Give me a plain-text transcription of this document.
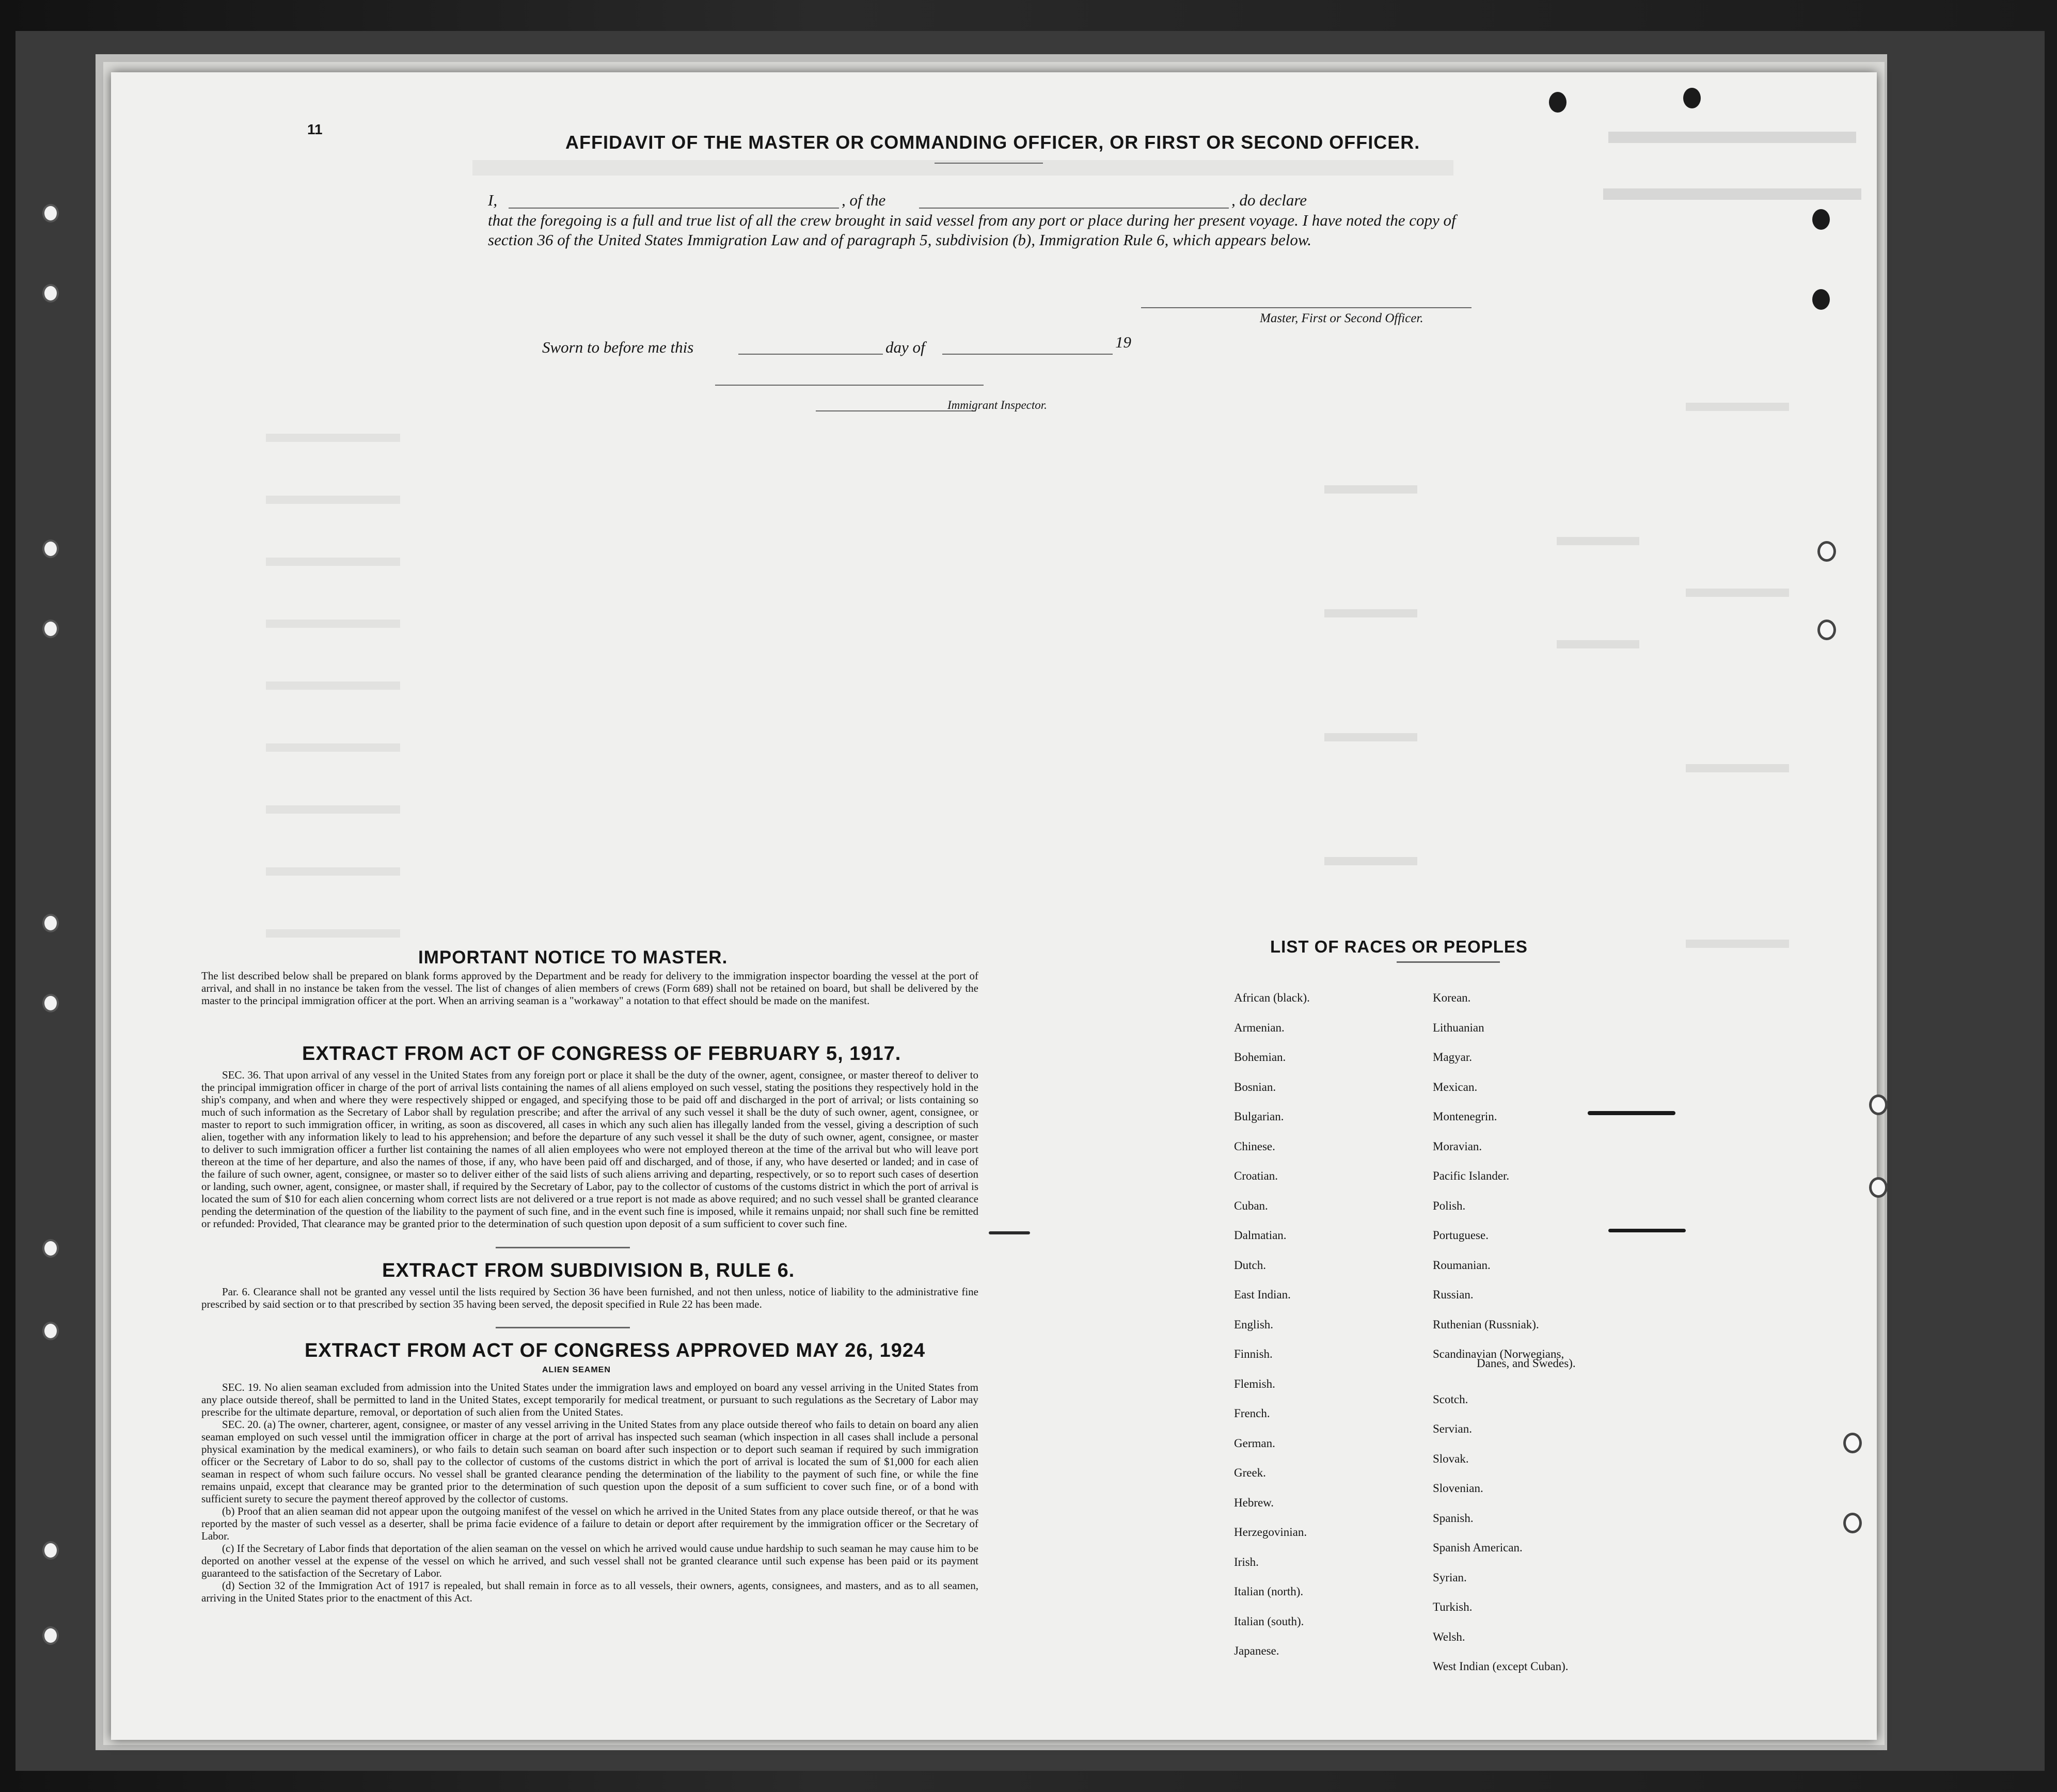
11
AFFIDAVIT OF THE MASTER OR COMMANDING OFFICER, OR FIRST OR SECOND OFFICER.
I,	, of the	, do declare
that the foregoing is a full and true list of all the crew brought in said vessel from any port or place during her present voyage. I have noted the copy of section 36 of the United States Immigration Law and of paragraph 5, subdivision (b), Immigration Rule 6, which appears below.
Master, First or Second Officer.
Sworn to before me this	day of	19
Immigrant Inspector.
IMPORTANT NOTICE TO MASTER.
The list described below shall be prepared on blank forms approved by the Department and be ready for delivery to the immigration inspector boarding the vessel at the port of arrival, and shall in no instance be taken from the vessel. The list of changes of alien members of crews (Form 689) shall not be retained on board, but shall be delivered by the master to the principal immigration officer at the port. When an arriving seaman is a "workaway" a notation to that effect should be made on the manifest.
EXTRACT FROM ACT OF CONGRESS OF FEBRUARY 5, 1917.
SEC. 36. That upon arrival of any vessel in the United States from any foreign port or place it shall be the duty of the owner, agent, consignee, or master thereof to deliver to the principal immigration officer in charge of the port of arrival lists containing the names of all aliens employed on such vessel, stating the positions they respectively hold in the ship's company, and when and where they were respectively shipped or engaged, and specifying those to be paid off and discharged in the port of arrival; or lists containing so much of such information as the Secretary of Labor shall by regulation prescribe; and after the arrival of any such vessel it shall be the duty of such owner, agent, consignee, or master to report to such immigration officer, in writing, as soon as discovered, all cases in which any such alien has illegally landed from the vessel, giving a description of such alien, together with any information likely to lead to his apprehension; and before the departure of any such vessel it shall be the duty of such owner, agent, consignee, or master to deliver to such immigration officer a further list containing the names of all alien employees who were not employed thereon at the time of the arrival but who will leave port thereon at the time of her departure, and also the names of those, if any, who have been paid off and discharged, and of those, if any, who have deserted or landed; and in case of the failure of such owner, agent, consignee, or master so to deliver either of the said lists of such aliens arriving and departing, respectively, or so to report such cases of desertion or landing, such owner, agent, consignee, or master shall, if required by the Secretary of Labor, pay to the collector of customs of the customs district in which the port of arrival is located the sum of $10 for each alien concerning whom correct lists are not delivered or a true report is not made as above required; and no such vessel shall be granted clearance pending the determination of the question of the liability to the payment of such fine, and in the event such fine is imposed, while it remains unpaid; nor shall such fine be remitted or refunded: Provided, That clearance may be granted prior to the determination of such question upon deposit of a sum sufficient to cover such fine.
EXTRACT FROM SUBDIVISION B, RULE 6.
Par. 6. Clearance shall not be granted any vessel until the lists required by Section 36 have been furnished, and not then unless, notice of liability to the administrative fine prescribed by said section or to that prescribed by section 35 having been served, the deposit specified in Rule 22 has been made.
EXTRACT FROM ACT OF CONGRESS APPROVED MAY 26, 1924
ALIEN SEAMEN
SEC. 19. No alien seaman excluded from admission into the United States under the immigration laws and employed on board any vessel arriving in the United States from any place outside thereof, shall be permitted to land in the United States, except temporarily for medical treatment, or pursuant to such regulations as the Secretary of Labor may prescribe for the ultimate departure, removal, or deportation of such alien from the United States.
SEC. 20. (a) The owner, charterer, agent, consignee, or master of any vessel arriving in the United States from any place outside thereof who fails to detain on board any alien seaman employed on such vessel until the immigration officer in charge at the port of arrival has inspected such seaman (which inspection in all cases shall include a personal physical examination by the medical examiners), or who fails to detain such seaman on board after such inspection or to deport such seaman if required by such immigration officer or the Secretary of Labor to do so, shall pay to the collector of customs of the customs district in which the port of arrival is located the sum of $1,000 for each alien seaman in respect of whom such failure occurs. No vessel shall be granted clearance pending the determination of the liability to the payment of such fine, or while the fine remains unpaid, except that clearance may be granted prior to the determination of such question upon the deposit of a sum sufficient to cover such fine, or of a bond with sufficient surety to secure the payment thereof approved by the collector of customs.
(b) Proof that an alien seaman did not appear upon the outgoing manifest of the vessel on which he arrived in the United States from any place outside thereof, or that he was reported by the master of such vessel as a deserter, shall be prima facie evidence of a failure to detain or deport after requirement by the immigration officer or the Secretary of Labor.
(c) If the Secretary of Labor finds that deportation of the alien seaman on the vessel on which he arrived would cause undue hardship to such seaman he may cause him to be deported on another vessel at the expense of the vessel on which he arrived, and such vessel shall not be granted clearance until such expense has been paid or its payment guaranteed to the satisfaction of the Secretary of Labor.
(d) Section 32 of the Immigration Act of 1917 is repealed, but shall remain in force as to all vessels, their owners, agents, consignees, and masters, and as to all seamen, arriving in the United States prior to the enactment of this Act.
LIST OF RACES OR PEOPLES
African (black).
Armenian.
Bohemian.
Bosnian.
Bulgarian.
Chinese.
Croatian.
Cuban.
Dalmatian.
Dutch.
East Indian.
English.
Finnish.
Flemish.
French.
German.
Greek.
Hebrew.
Herzegovinian.
Irish.
Italian (north).
Italian (south).
Japanese.
Korean.
Lithuanian
Magyar.
Mexican.
Montenegrin.
Moravian.
Pacific Islander.
Polish.
Portuguese.
Roumanian.
Russian.
Ruthenian (Russniak).
Scandinavian (Norwegians,
Scotch.
Servian.
Slovak.
Slovenian.
Spanish.
Spanish American.
Syrian.
Turkish.
Welsh.
West Indian (except Cuban).
Danes, and Swedes).
